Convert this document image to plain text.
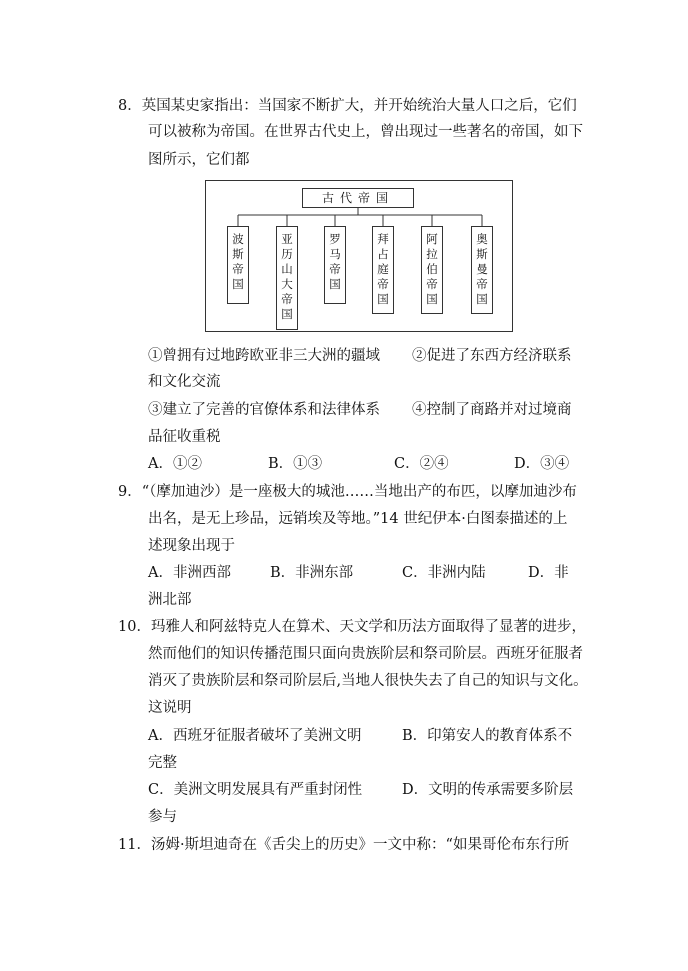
8．英国某史家指出：当国家不断扩大，并开始统治大量人口之后，它们
可以被称为帝国。在世界古代史上，曾出现过一些著名的帝国，如下
图所示，它们都
古代帝国
波斯帝国
亚历山大帝国
罗马帝国
拜占庭帝国
阿拉伯帝国
奥斯曼帝国
①曾拥有过地跨欧亚非三大洲的疆域 ②促进了东西方经济联系
和文化交流
③建立了完善的官僚体系和法律体系 ④控制了商路并对过境商
品征收重税
A．①②	B．①③	C．②④	D．③④
9．“（摩加迪沙）是一座极大的城池……当地出产的布匹，以摩加迪沙布
出名，是无上珍品，远销埃及等地。”14 世纪伊本·白图泰描述的上
述现象出现于
A．非洲西部	B．非洲东部	C．非洲内陆	D．非
洲北部
10．玛雅人和阿兹特克人在算术、天文学和历法方面取得了显著的进步，
然而他们的知识传播范围只面向贵族阶层和祭司阶层。西班牙征服者
消灭了贵族阶层和祭司阶层后,当地人很快失去了自己的知识与文化。
这说明
A．西班牙征服者破坏了美洲文明	B．印第安人的教育体系不
完整
C．美洲文明发展具有严重封闭性	D．文明的传承需要多阶层
参与
11．汤姆·斯坦迪奇在《舌尖上的历史》一文中称：“如果哥伦布东行所
